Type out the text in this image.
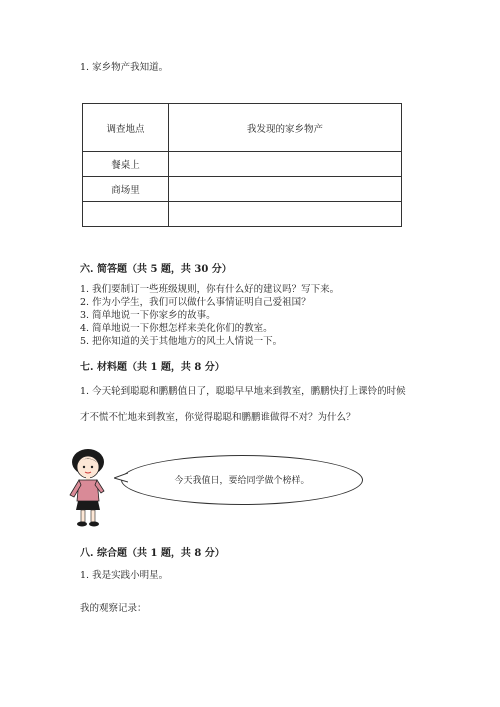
1. 家乡物产我知道。
调查地点	我发现的家乡物产
餐桌上	
商场里	

六. 简答题（共 5 题，共 30 分）
1. 我们要制订一些班级规则，你有什么好的建议吗？写下来。
2. 作为小学生，我们可以做什么事情证明自己爱祖国？
3. 简单地说一下你家乡的故事。
4. 简单地说一下你想怎样来美化你们的教室。
5. 把你知道的关于其他地方的风土人情说一下。
七. 材料题（共 1 题，共 8 分）
1. 今天轮到聪聪和鹏鹏值日了，聪聪早早地来到教室，鹏鹏快打上课铃的时候
才不慌不忙地来到教室，你觉得聪聪和鹏鹏谁做得不对？为什么？
今天我值日，要给同学做个榜样。
八. 综合题（共 1 题，共 8 分）
1. 我是实践小明星。
我的观察记录：
